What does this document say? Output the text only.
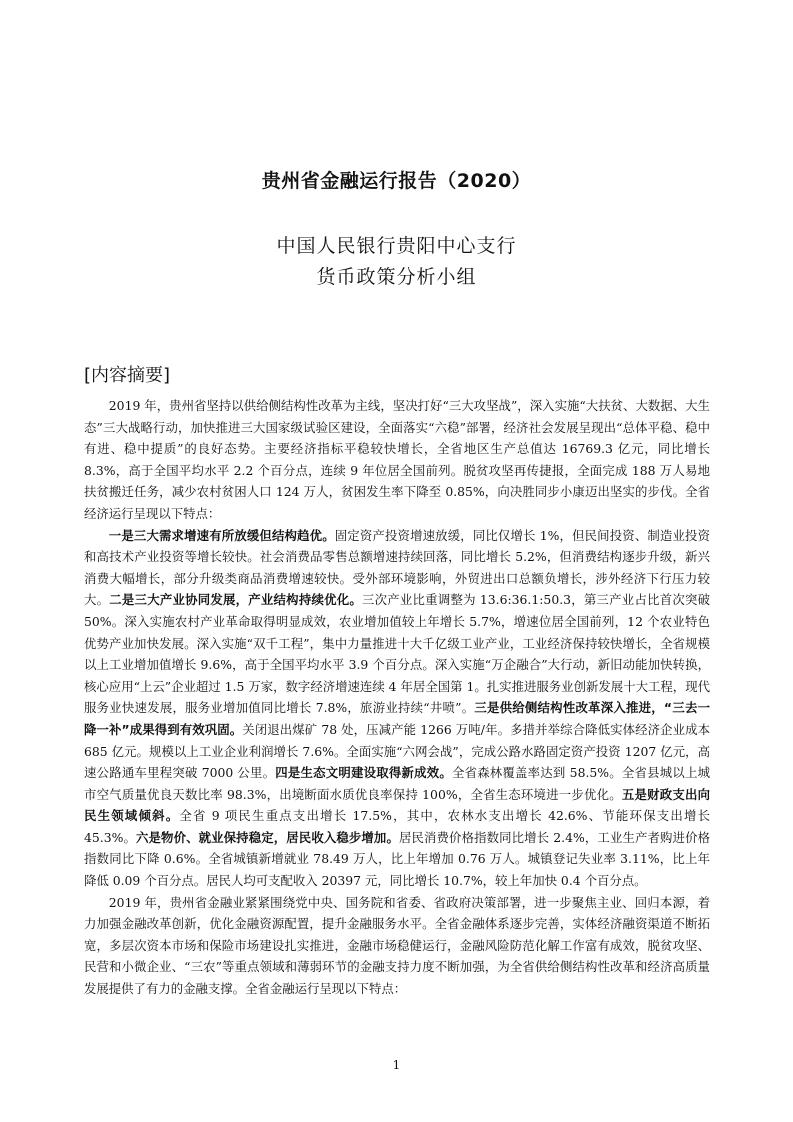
贵州省金融运行报告（2020）
中国人民银行贵阳中心支行
货币政策分析小组
[内容摘要]

2019 年，贵州省坚持以供给侧结构性改革为主线，坚决打好“三大攻坚战”，深入实施“大扶贫、大数据、大生态”三大战略行动，加快推进三大国家级试验区建设，全面落实“六稳”部署，经济社会发展呈现出“总体平稳、稳中有进、稳中提质”的良好态势。主要经济指标平稳较快增长，全省地区生产总值达 16769.3 亿元，同比增长 8.3%，高于全国平均水平 2.2 个百分点，连续 9 年位居全国前列。脱贫攻坚再传捷报，全面完成 188 万人易地扶贫搬迁任务，减少农村贫困人口 124 万人，贫困发生率下降至 0.85%，向决胜同步小康迈出坚实的步伐。全省经济运行呈现以下特点：

一是三大需求增速有所放缓但结构趋优。固定资产投资增速放缓，同比仅增长 1%，但民间投资、制造业投资和高技术产业投资等增长较快。社会消费品零售总额增速持续回落，同比增长 5.2%，但消费结构逐步升级，新兴消费大幅增长，部分升级类商品消费增速较快。受外部环境影响，外贸进出口总额负增长，涉外经济下行压力较大。二是三大产业协同发展，产业结构持续优化。三次产业比重调整为 13.6:36.1:50.3，第三产业占比首次突破 50%。深入实施农村产业革命取得明显成效，农业增加值较上年增长 5.7%，增速位居全国前列，12 个农业特色优势产业加快发展。深入实施“双千工程”，集中力量推进十大千亿级工业产业，工业经济保持较快增长，全省规模以上工业增加值增长 9.6%，高于全国平均水平 3.9 个百分点。深入实施“万企融合”大行动，新旧动能加快转换，核心应用“上云”企业超过 1.5 万家，数字经济增速连续 4 年居全国第 1。扎实推进服务业创新发展十大工程，现代服务业快速发展，服务业增加值同比增长 7.8%，旅游业持续“井喷”。三是供给侧结构性改革深入推进，“三去一降一补”成果得到有效巩固。关闭退出煤矿 78 处，压减产能 1266 万吨/年。多措并举综合降低实体经济企业成本 685 亿元。规模以上工业企业利润增长 7.6%。全面实施“六网会战”，完成公路水路固定资产投资 1207 亿元，高速公路通车里程突破 7000 公里。四是生态文明建设取得新成效。全省森林覆盖率达到 58.5%。全省县城以上城市空气质量优良天数比率 98.3%，出境断面水质优良率保持 100%，全省生态环境进一步优化。五是财政支出向民生领域倾斜。全省 9 项民生重点支出增长 17.5%，其中，农林水支出增长 42.6%、节能环保支出增长 45.3%。六是物价、就业保持稳定，居民收入稳步增加。居民消费价格指数同比增长 2.4%，工业生产者购进价格指数同比下降 0.6%。全省城镇新增就业 78.49 万人，比上年增加 0.76 万人。城镇登记失业率 3.11%，比上年降低 0.09 个百分点。居民人均可支配收入 20397 元，同比增长 10.7%，较上年加快 0.4 个百分点。

2019 年，贵州省金融业紧紧围绕党中央、国务院和省委、省政府决策部署，进一步聚焦主业、回归本源，着力加强金融改革创新，优化金融资源配置，提升金融服务水平。全省金融体系逐步完善，实体经济融资渠道不断拓宽，多层次资本市场和保险市场建设扎实推进，金融市场稳健运行，金融风险防范化解工作富有成效，脱贫攻坚、民营和小微企业、“三农”等重点领域和薄弱环节的金融支持力度不断加强，为全省供给侧结构性改革和经济高质量发展提供了有力的金融支撑。全省金融运行呈现以下特点：

1
